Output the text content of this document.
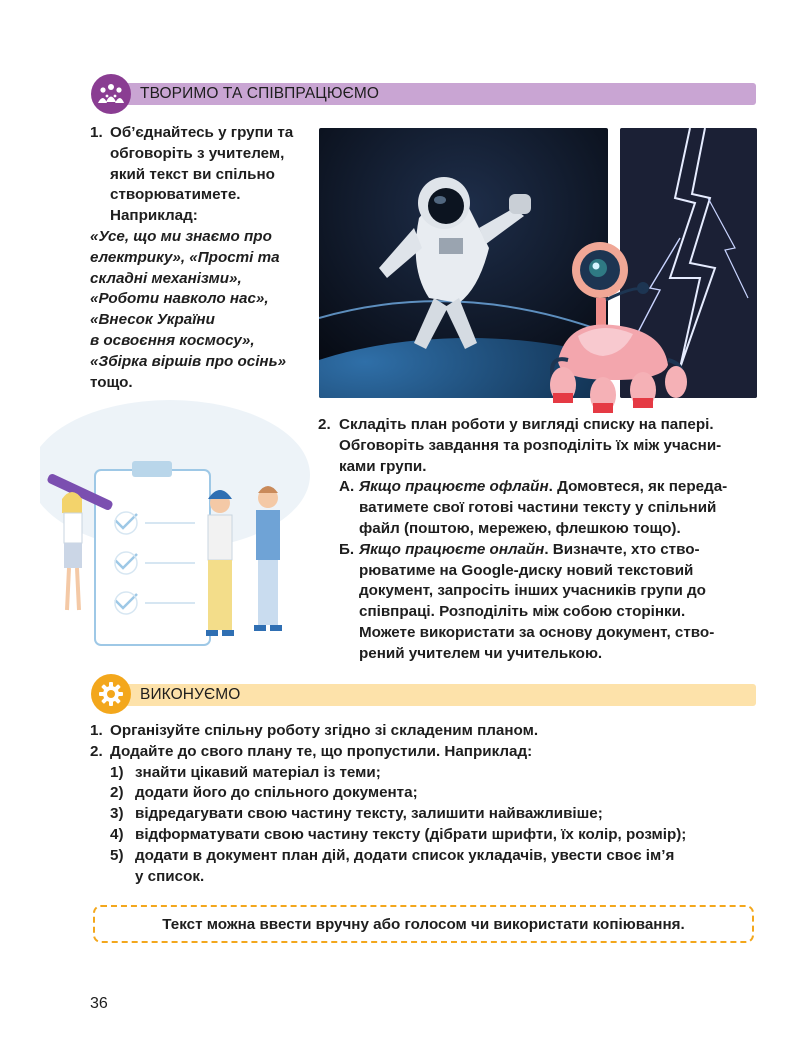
ТВОРИМО ТА СПІВПРАЦЮЄМО
1. Об’єднайтесь у групи та
обговоріть з учителем,
який текст ви спільно
створюватимете.
Наприклад:
«Усе, що ми знаємо про
електрику», «Прості та
складні механізми»,
«Роботи навколо нас»,
«Внесок України
в освоєння космосу»,
«Збірка віршів про осінь»
тощо.
2. Складіть план роботи у вигляді списку на папері.
Обговоріть завдання та розподіліть їх між учасни-
ками групи.
А. Якщо працюєте офлайн. Домовтеся, як переда-
ватимете свої готові частини тексту у спільний
файл (поштою, мережею, флешкою тощо).
Б. Якщо працюєте онлайн. Визначте, хто ство-
рюватиме на Google-диску новий текстовий
документ, запросіть інших учасників групи до
співпраці. Розподіліть між собою сторінки.
Можете використати за основу документ, ство-
рений учителем чи учителькою.
ВИКОНУЄМО
1. Організуйте спільну роботу згідно зі складеним планом.
2. Додайте до свого плану те, що пропустили. Наприклад:
1) знайти цікавий матеріал із теми;
2) додати його до спільного документа;
3) відредагувати свою частину тексту, залишити найважливіше;
4) відформатувати свою частину тексту (дібрати шрифти, їх колір, розмір);
5) додати в документ план дій, додати список укладачів, увести своє ім’я
у список.
Текст можна ввести вручну або голосом чи використати копіювання.
36
